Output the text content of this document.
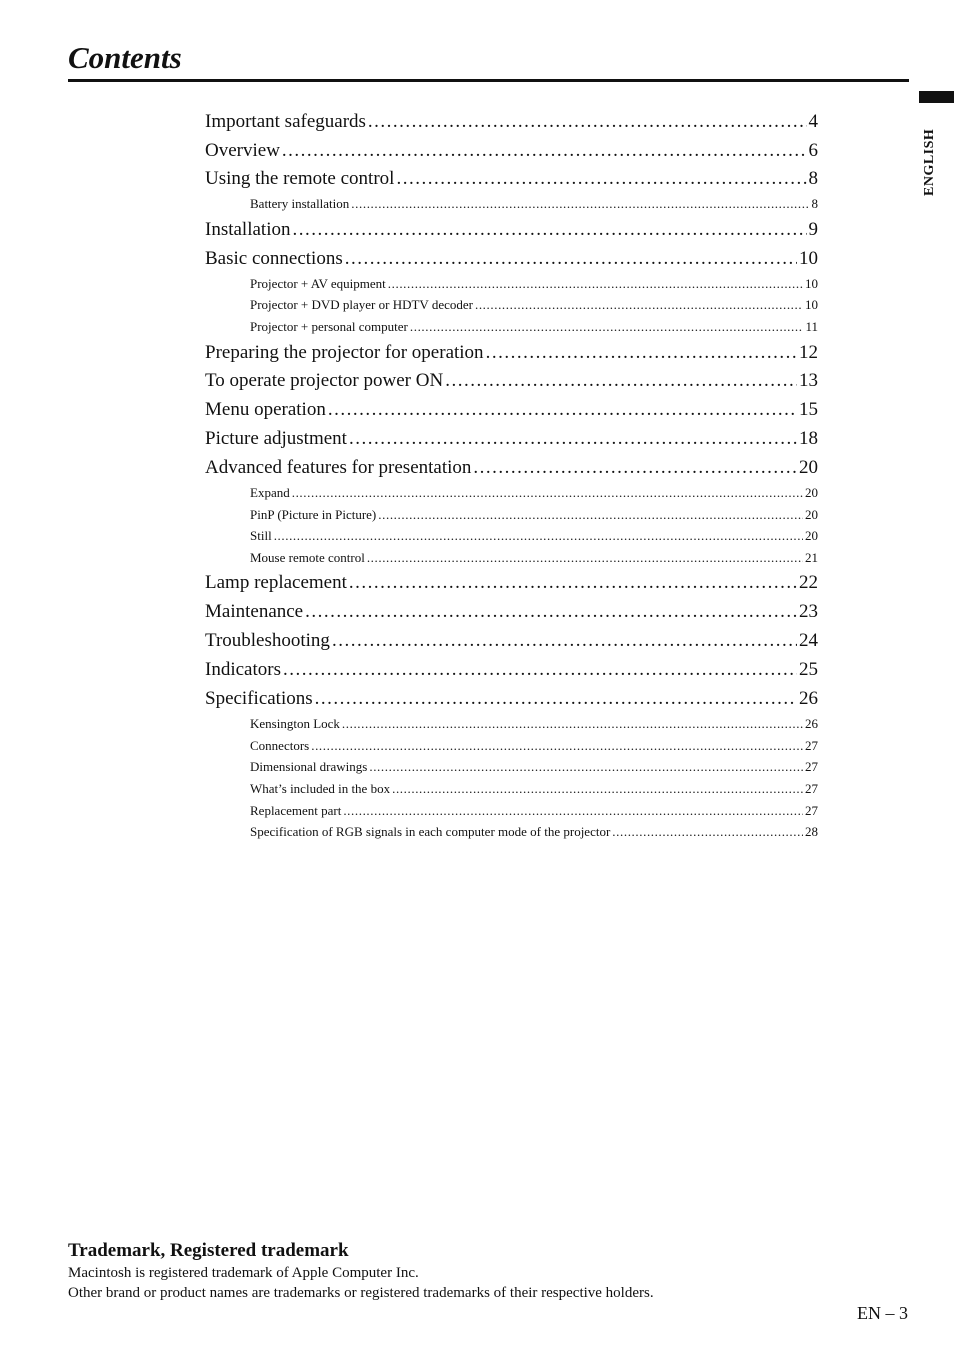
Contents
ENGLISH
Important safeguards .....	4
Overview .....	6
Using the remote control .....	8
Battery installation .....	8
Installation .....	9
Basic connections .....	10
Projector + AV equipment .....	10
Projector + DVD player or HDTV decoder .....	10
Projector + personal computer .....	11
Preparing the projector for operation .....	12
To operate projector power ON .....	13
Menu operation .....	15
Picture adjustment .....	18
Advanced features for presentation .....	20
Expand .....	20
PinP (Picture in Picture) .....	20
Still .....	20
Mouse remote control .....	21
Lamp replacement .....	22
Maintenance .....	23
Troubleshooting .....	24
Indicators .....	25
Specifications .....	26
Kensington Lock .....	26
Connectors .....	27
Dimensional drawings .....	27
What’s included in the box .....	27
Replacement part .....	27
Specification of RGB signals in each computer mode of the projector .....	28
Trademark, Registered trademark

Macintosh is registered trademark of Apple Computer Inc.

Other brand or product names are trademarks or registered trademarks of their respective holders.

EN – 3
